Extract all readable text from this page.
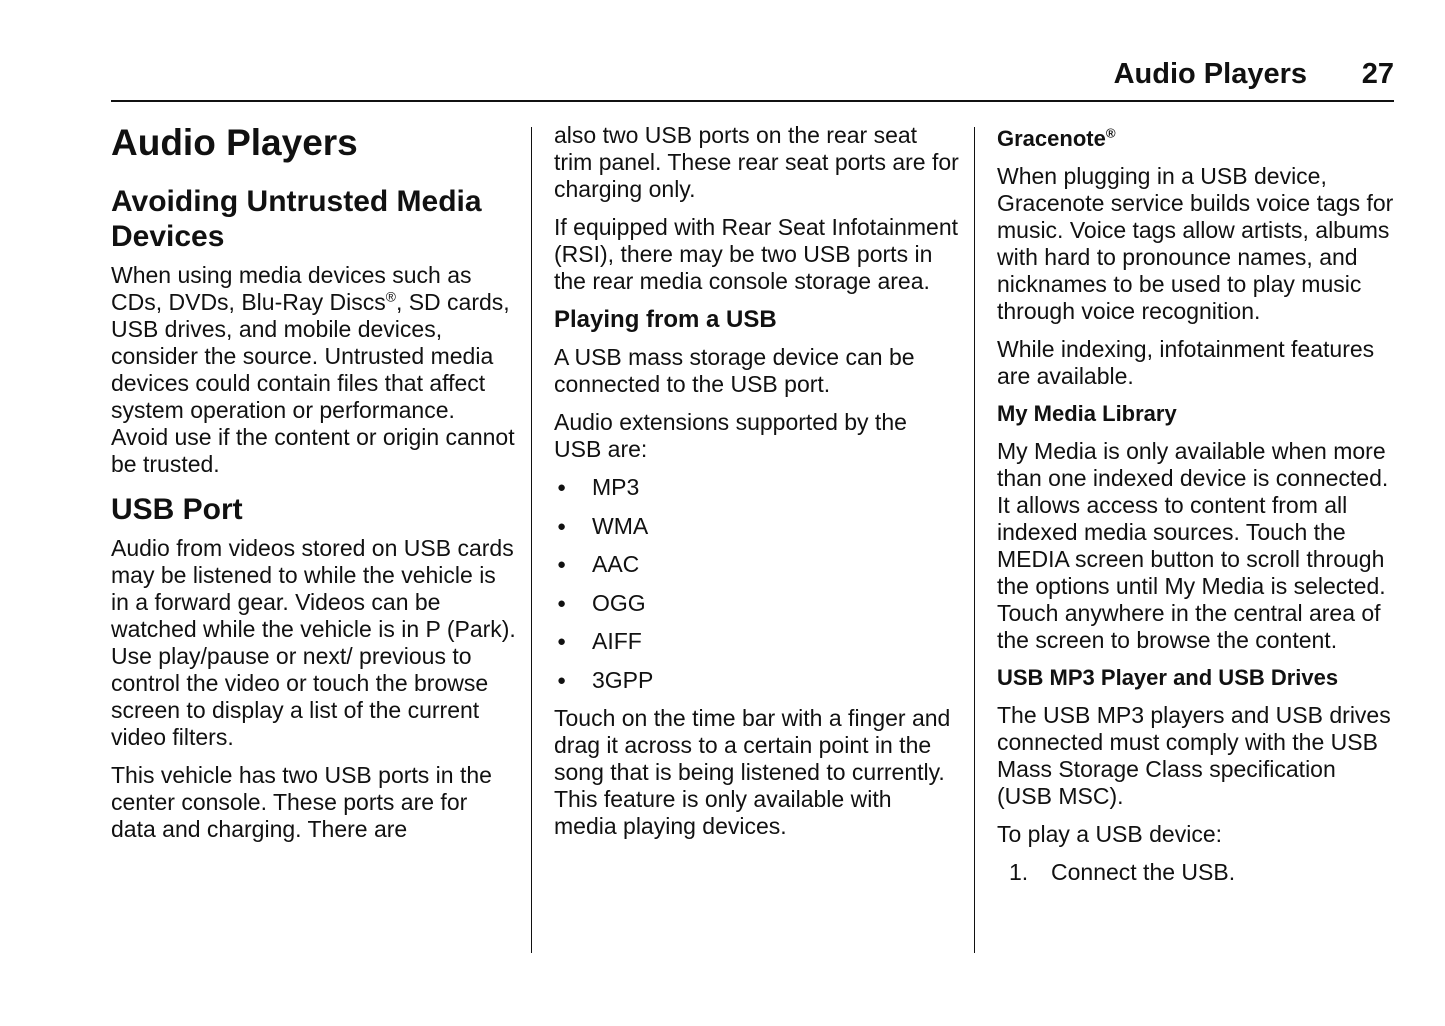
Audio Players 27
Audio Players
Avoiding Untrusted Media Devices

When using media devices such as CDs, DVDs, Blu-Ray Discs®, SD cards, USB drives, and mobile devices, consider the source. Untrusted media devices could contain files that affect system operation or performance. Avoid use if the content or origin cannot be trusted.

USB Port

Audio from videos stored on USB cards may be listened to while the vehicle is in a forward gear. Videos can be watched while the vehicle is in P (Park). Use play/pause or next/ previous to control the video or touch the browse screen to display a list of the current video filters.

This vehicle has two USB ports in the center console. These ports are for data and charging. There are

also two USB ports on the rear seat trim panel. These rear seat ports are for charging only.

If equipped with Rear Seat Infotainment (RSI), there may be two USB ports in the rear media console storage area.

Playing from a USB

A USB mass storage device can be connected to the USB port.

Audio extensions supported by the USB are:

● MP3
● WMA
● AAC
● OGG
● AIFF
● 3GPP

Touch on the time bar with a finger and drag it across to a certain point in the song that is being listened to currently. This feature is only available with media playing devices.

Gracenote®

When plugging in a USB device, Gracenote service builds voice tags for music. Voice tags allow artists, albums with hard to pronounce names, and nicknames to be used to play music through voice recognition.

While indexing, infotainment features are available.

My Media Library

My Media is only available when more than one indexed device is connected. It allows access to content from all indexed media sources. Touch the MEDIA screen button to scroll through the options until My Media is selected. Touch anywhere in the central area of the screen to browse the content.

USB MP3 Player and USB Drives

The USB MP3 players and USB drives connected must comply with the USB Mass Storage Class specification (USB MSC).

To play a USB device:

1. Connect the USB.
